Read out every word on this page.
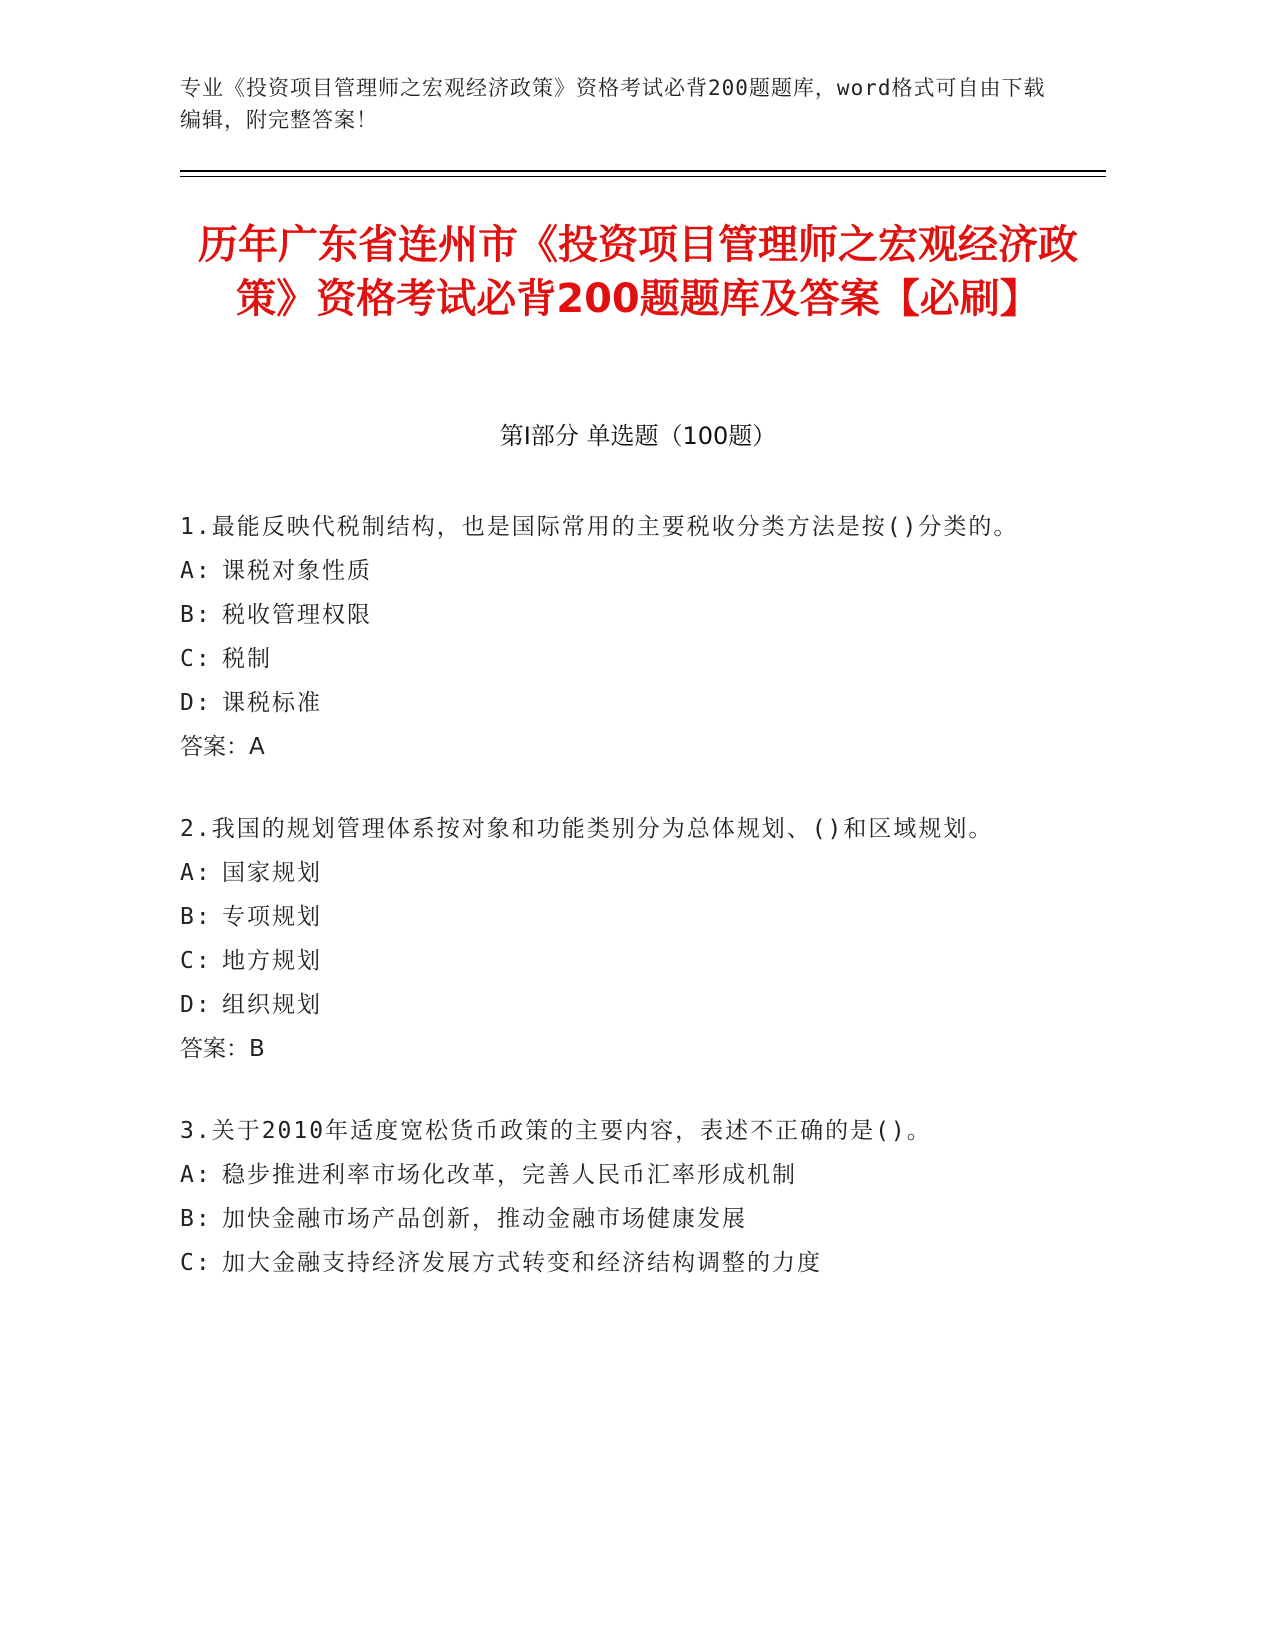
专业《投资项目管理师之宏观经济政策》资格考试必背200题题库，word格式可自由下载编辑，附完整答案！
历年广东省连州市《投资项目管理师之宏观经济政策》资格考试必背200题题库及答案【必刷】
第I部分 单选题（100题）
1.最能反映代税制结构，也是国际常用的主要税收分类方法是按()分类的。
A: 课税对象性质
B: 税收管理权限
C: 税制
D: 课税标准
答案：A
2.我国的规划管理体系按对象和功能类别分为总体规划、()和区域规划。
A: 国家规划
B: 专项规划
C: 地方规划
D: 组织规划
答案：B
3.关于2010年适度宽松货币政策的主要内容，表述不正确的是()。
A: 稳步推进利率市场化改革，完善人民币汇率形成机制
B: 加快金融市场产品创新，推动金融市场健康发展
C: 加大金融支持经济发展方式转变和经济结构调整的力度
